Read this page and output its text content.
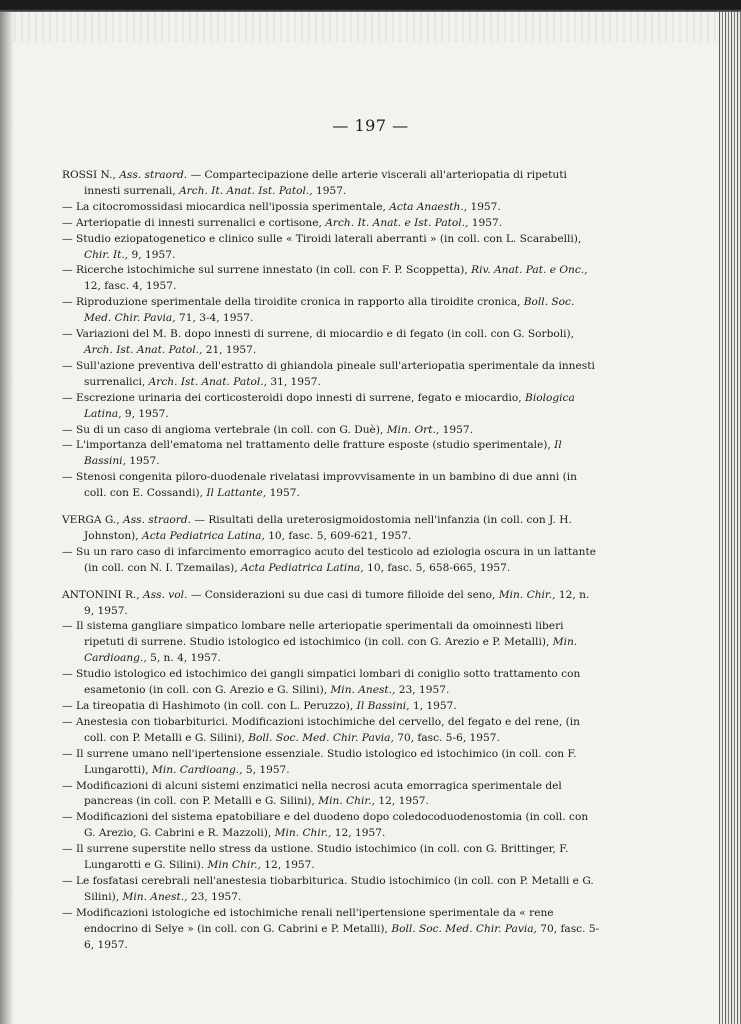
— 197 —
ROSSI N., Ass. straord. — Compartecipazione delle arterie viscerali all'arteriopatia di ripetuti innesti surrenali, Arch. It. Anat. Ist. Patol., 1957.
— La citocromossidasi miocardica nell'ipossia sperimentale, Acta Anaesth., 1957.
— Arteriopatie di innesti surrenalici e cortisone, Arch. It. Anat. e Ist. Patol., 1957.
— Studio eziopatogenetico e clinico sulle « Tiroidi laterali aberranti » (in coll. con L. Scarabelli), Chir. It., 9, 1957.
— Ricerche istochimiche sul surrene innestato (in coll. con F. P. Scoppetta), Riv. Anat. Pat. e Onc., 12, fasc. 4, 1957.
— Riproduzione sperimentale della tiroidite cronica in rapporto alla tiroidite cronica, Boll. Soc. Med. Chir. Pavia, 71, 3-4, 1957.
— Variazioni del M. B. dopo innesti di surrene, di miocardio e di fegato (in coll. con G. Sorboli), Arch. Ist. Anat. Patol., 21, 1957.
— Sull'azione preventiva dell'estratto di ghiandola pineale sull'arteriopatia sperimentale da innesti surrenalici, Arch. Ist. Anat. Patol., 31, 1957.
— Escrezione urinaria dei corticosteroidi dopo innesti di surrene, fegato e miocardio, Biologica Latina, 9, 1957.
— Su di un caso di angioma vertebrale (in coll. con G. Duè), Min. Ort., 1957.
— L'importanza dell'ematoma nel trattamento delle fratture esposte (studio sperimentale), Il Bassini, 1957.
— Stenosi congenita piloro-duodenale rivelatasi improvvisamente in un bambino di due anni (in coll. con E. Cossandi), Il Lattante, 1957.
VERGA G., Ass. straord. — Risultati della ureterosigmoidostomia nell'infanzia (in coll. con J. H. Johnston), Acta Pediatrica Latina, 10, fasc. 5, 609-621, 1957.
— Su un raro caso di infarcimento emorragico acuto del testicolo ad eziologia oscura in un lattante (in coll. con N. I. Tzemailas), Acta Pediatrica Latina, 10, fasc. 5, 658-665, 1957.
ANTONINI R., Ass. vol. — Considerazioni su due casi di tumore filloide del seno, Min. Chir., 12, n. 9, 1957.
— Il sistema gangliare simpatico lombare nelle arteriopatie sperimentali da omoinnesti liberi ripetuti di surrene. Studio istologico ed istochimico (in coll. con G. Arezio e P. Metalli), Min. Cardioang., 5, n. 4, 1957.
— Studio istologico ed istochimico dei gangli simpatici lombari di coniglio sotto trattamento con esametonio (in coll. con G. Arezio e G. Silini), Min. Anest., 23, 1957.
— La tireopatia di Hashimoto (in coll. con L. Peruzzo), Il Bassini, 1, 1957.
— Anestesia con tiobarbiturici. Modificazioni istochimiche del cervello, del fegato e del rene, (in coll. con P. Metalli e G. Silini), Boll. Soc. Med. Chir. Pavia, 70, fasc. 5-6, 1957.
— Il surrene umano nell'ipertensione essenziale. Studio istologico ed istochimico (in coll. con F. Lungarotti), Min. Cardioang., 5, 1957.
— Modificazioni di alcuni sistemi enzimatici nella necrosi acuta emorragica sperimentale del pancreas (in coll. con P. Metalli e G. Silini), Min. Chir., 12, 1957.
— Modificazioni del sistema epatobiliare e del duodeno dopo coledocoduodenostomia (in coll. con G. Arezio, G. Cabrini e R. Mazzoli), Min. Chir., 12, 1957.
— Il surrene superstite nello stress da ustione. Studio istochimico (in coll. con G. Brittinger, F. Lungarotti e G. Silini). Min Chir., 12, 1957.
— Le fosfatasi cerebrali nell'anestesia tiobarbiturica. Studio istochimico (in coll. con P. Metalli e G. Silini), Min. Anest., 23, 1957.
— Modificazioni istologiche ed istochimiche renali nell'ipertensione sperimentale da « rene endocrino di Selye » (in coll. con G. Cabrini e P. Metalli), Boll. Soc. Med. Chir. Pavia, 70, fasc. 5-6, 1957.
